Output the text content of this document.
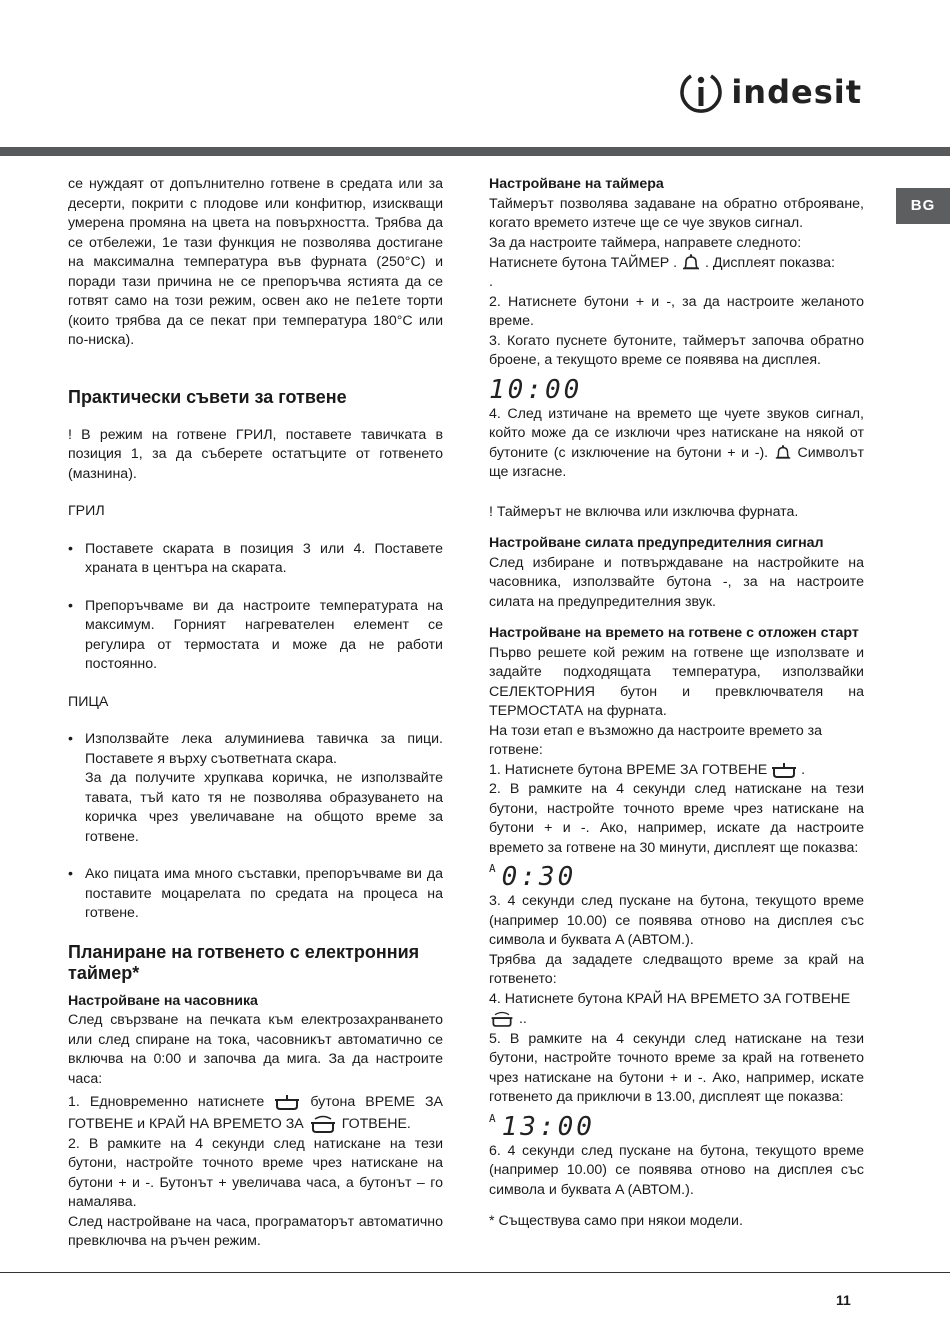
indesit
BG

се нуждаят от допълнително готвене в средата или за десерти, покрити с плодове или конфитюр, изискващи умерена промяна на цвета на повърхността. Трябва да се отбележи, 1е тази функция не позволява достигане на максимална температура във фурната (250°C) и поради тази причина не се препоръчва ястията да се готвят само на този режим, освен ако не пе1ете торти (които трябва да се пекат при температура 180°C или по-ниска).

Практически съвети за готвене

! В режим на готвене ГРИЛ, поставете тавичката в позиция 1, за да съберете остатъците от готвенето (мазнина).

ГРИЛ

• Поставете скарата в позиция 3 или 4. Поставете храната в центъра на скарата.

• Препоръчваме ви да настроите температурата на максимум. Горният нагревателен елемент се регулира от термостата и може да не работи постоянно.

ПИЦА

• Използвайте лека алуминиева тавичка за пици. Поставете я върху съответната скара.

За да получите хрупкава коричка, не използвайте тавата, тъй като тя не позволява образуването на коричка чрез увеличаване на общото време за готвене.

• Ако пицата има много съставки, препоръчваме ви да поставите моцарелата по средата на процеса на готвене.

Планиране на готвенето с електронния таймер*
Настройване на часовника

След свързване на печката към електрозахранването или след спиране на тока, часовникът автоматично се включва на 0:00 и започва да мига. За да настроите часа:

1. Едновременно натиснете	бутона ВРЕМЕ ЗА ГОТВЕНЕ и КРАЙ НА ВРЕМЕТО ЗА	ГОТВЕНЕ.

2. В рамките на 4 секунди след натискане на тези бутони, настройте точното време чрез натискане на бутони + и -. Бутонът + увеличава часа, а бутонът – го намалява.

След настройване на часа, програматорът автоматично превключва на ръчен режим.

Настройване на таймера

Таймерът позволява задаване на обратно отброяване, когато времето изтече ще се чуе звуков сигнал.

За да настроите таймера, направете следното:

Натиснете бутона ТАЙМЕР . . Дисплеят показва:

.

2. Натиснете бутони + и -, за да настроите желаното време.

3. Когато пуснете бутоните, таймерът започва обратно броене, а текущото време се появява на дисплея.

10:00

4. След изтичане на времето ще чуете звуков сигнал, който може да се изключи чрез натискане на някой от бутоните (с изключение на бутони + и -). Символът ще изгасне.

! Таймерът не включва или изключва фурната.

Настройване силата предупредителния сигнал

След избиране и потвърждаване на настройките на часовника, използвайте бутона -, за на настроите силата на предупредителния звук.

Настройване на времето на готвене с отложен старт

Първо решете кой режим на готвене ще използвате и задайте подходящата температура, използвайки СЕЛЕКТОРНИЯ бутон и превключвателя на ТЕРМОСТАТА на фурната.

На този етап е възможно да настроите времето за готвене:

1. Натиснете бутона ВРЕМЕ ЗА ГОТВЕНЕ .

2. В рамките на 4 секунди след натискане на тези бутони, настройте точното време чрез натискане на бутони + и -. Ако, например, искате да настроите времето за готвене на 30 минути, дисплеят ще показва:

A 0:30

3. 4 секунди след пускане на бутона, текущото време (например 10.00) се появява отново на дисплея със символа и буквата A (АВТОМ.).

Трябва да зададете следващото време за край на готвенето:

4. Натиснете бутона КРАЙ НА ВРЕМЕТО ЗА ГОТВЕНЕ

..

5. В рамките на 4 секунди след натискане на тези бутони, настройте точното време за край на готвенето чрез натискане на бутони + и -. Ако, например, искате готвенето да приключи в 13.00, дисплеят ще показва:

A 13:00

6. 4 секунди след пускане на бутона, текущото време (например 10.00) се появява отново на дисплея със символа и буквата A (АВТОМ.).

* Съществува само при някои модели.

11
